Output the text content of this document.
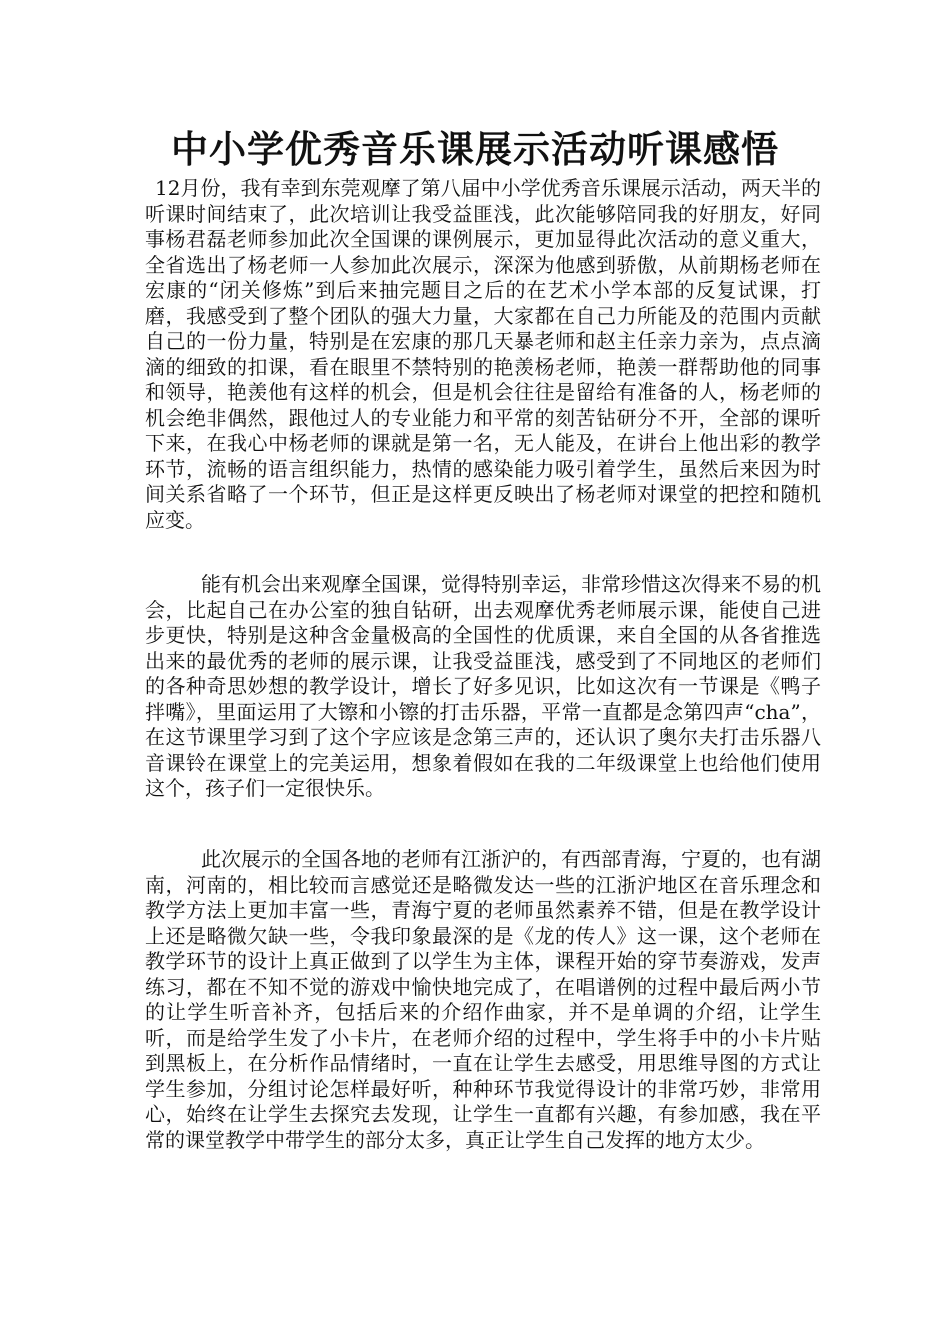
中小学优秀音乐课展示活动听课感悟

12月份，我有幸到东莞观摩了第八届中小学优秀音乐课展示活动，两天半的听课时间结束了，此次培训让我受益匪浅，此次能够陪同我的好朋友，好同事杨君磊老师参加此次全国课的课例展示，更加显得此次活动的意义重大，全省选出了杨老师一人参加此次展示，深深为他感到骄傲，从前期杨老师在宏康的“闭关修炼”到后来抽完题目之后的在艺术小学本部的反复试课，打磨，我感受到了整个团队的强大力量，大家都在自己力所能及的范围内贡献自己的一份力量，特别是在宏康的那几天暴老师和赵主任亲力亲为，点点滴滴的细致的扣课，看在眼里不禁特别的艳羡杨老师，艳羡一群帮助他的同事和领导，艳羡他有这样的机会，但是机会往往是留给有准备的人，杨老师的机会绝非偶然，跟他过人的专业能力和平常的刻苦钻研分不开，全部的课听下来，在我心中杨老师的课就是第一名，无人能及，在讲台上他出彩的教学环节，流畅的语言组织能力，热情的感染能力吸引着学生，虽然后来因为时间关系省略了一个环节，但正是这样更反映出了杨老师对课堂的把控和随机应变。

能有机会出来观摩全国课，觉得特别幸运，非常珍惜这次得来不易的机会，比起自己在办公室的独自钻研，出去观摩优秀老师展示课，能使自己进步更快，特别是这种含金量极高的全国性的优质课，来自全国的从各省推选出来的最优秀的老师的展示课，让我受益匪浅，感受到了不同地区的老师们的各种奇思妙想的教学设计，增长了好多见识，比如这次有一节课是《鸭子拌嘴》，里面运用了大镲和小镲的打击乐器，平常一直都是念第四声“cha”，在这节课里学习到了这个字应该是念第三声的，还认识了奥尔夫打击乐器八音课铃在课堂上的完美运用，想象着假如在我的二年级课堂上也给他们使用这个，孩子们一定很快乐。

此次展示的全国各地的老师有江浙沪的，有西部青海，宁夏的，也有湖南，河南的，相比较而言感觉还是略微发达一些的江浙沪地区在音乐理念和教学方法上更加丰富一些，青海宁夏的老师虽然素养不错，但是在教学设计上还是略微欠缺一些，令我印象最深的是《龙的传人》这一课，这个老师在教学环节的设计上真正做到了以学生为主体，课程开始的穿节奏游戏，发声练习，都在不知不觉的游戏中愉快地完成了，在唱谱例的过程中最后两小节的让学生听音补齐，包括后来的介绍作曲家，并不是单调的介绍，让学生听，而是给学生发了小卡片，在老师介绍的过程中，学生将手中的小卡片贴到黑板上，在分析作品情绪时，一直在让学生去感受，用思维导图的方式让学生参加，分组讨论怎样最好听，种种环节我觉得设计的非常巧妙，非常用心，始终在让学生去探究去发现，让学生一直都有兴趣，有参加感，我在平常的课堂教学中带学生的部分太多，真正让学生自己发挥的地方太少。
